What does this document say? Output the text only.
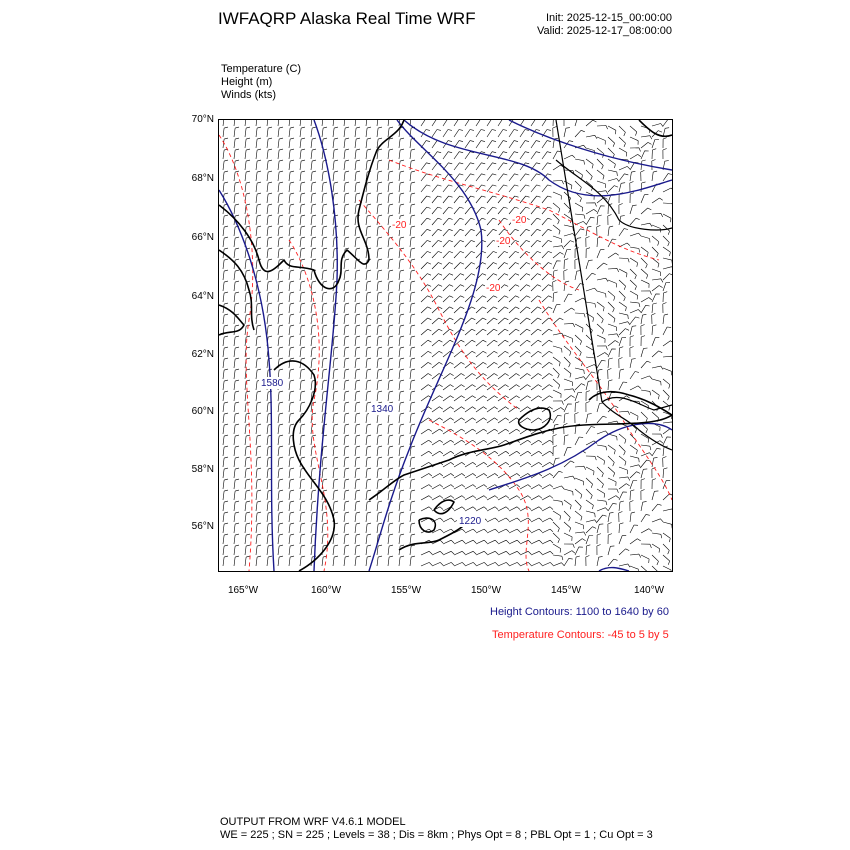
IWFAQRP Alaska Real Time WRF	Init: 2025-12-15_00:00:00
Valid: 2025-12-17_08:00:00
Temperature (C)
Height (m)
Winds (kts)
70°N
68°N
66°N
64°N
62°N
60°N
58°N
56°N
165°W	160°W	155°W	150°W	145°W	140°W
1580
1340
1220
-20	-20
-20
-20
Height Contours: 1100 to 1640 by 60
Temperature Contours: -45 to 5 by 5
OUTPUT FROM WRF V4.6.1 MODEL
WE = 225 ; SN = 225 ; Levels = 38 ; Dis = 8km ; Phys Opt = 8 ; PBL Opt = 1 ; Cu Opt = 3
